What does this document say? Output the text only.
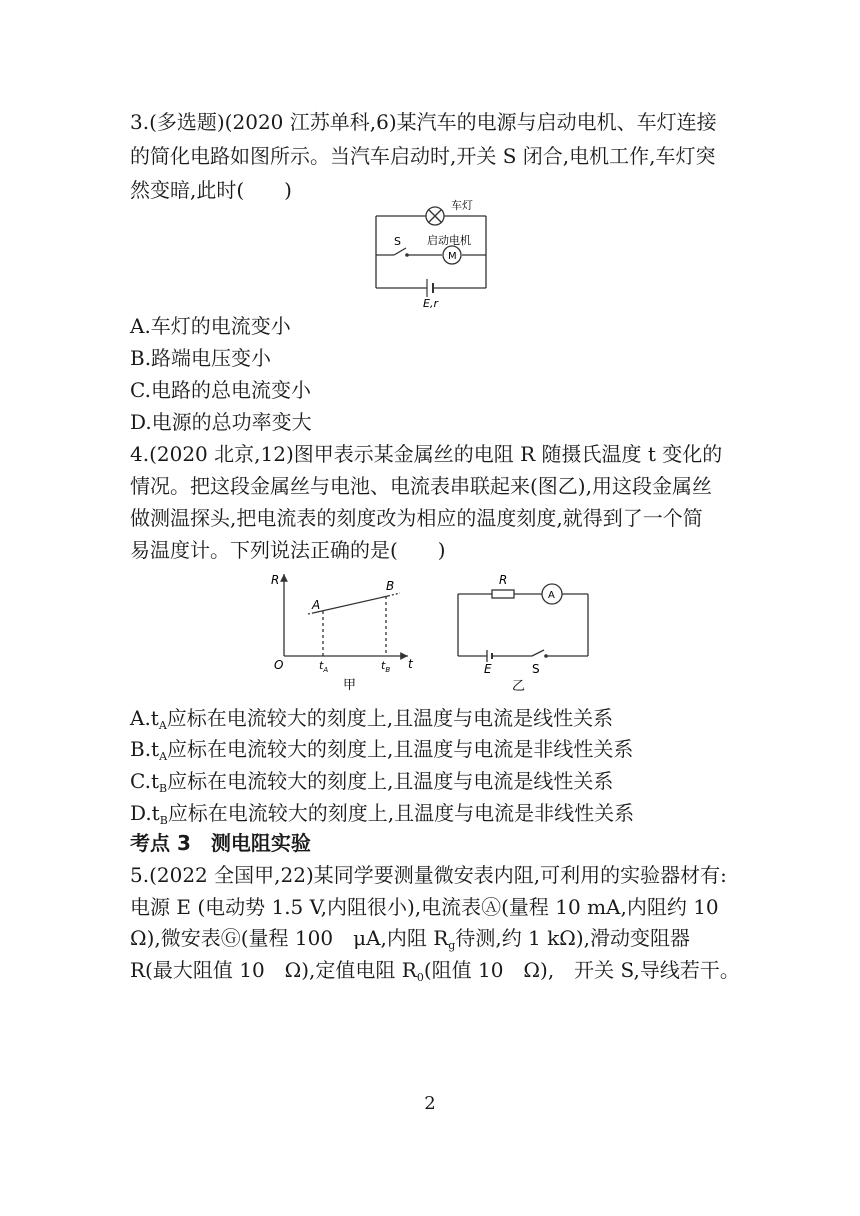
3.(多选题)(2020 江苏单科,6)某汽车的电源与启动电机、车灯连接
的简化电路如图所示。当汽车启动时,开关 S 闭合,电机工作,车灯突
然变暗,此时(　　)
车灯
S 启动电机
M
E,r
A.车灯的电流变小
B.路端电压变小
C.电路的总电流变小
D.电源的总功率变大
4.(2020 北京,12)图甲表示某金属丝的电阻 R 随摄氏温度 t 变化的
情况。把这段金属丝与电池、电流表串联起来(图乙),用这段金属丝
做测温探头,把电流表的刻度改为相应的温度刻度,就得到了一个简
易温度计。下列说法正确的是(　　)
R
t
O
A
B
$t_A$	$t_B$
甲
R
A
E	S
乙
$A.t_A$应标在电流较大的刻度上,且温度与电流是线性关系
$B.t_A$应标在电流较大的刻度上,且温度与电流是非线性关系
$C.t_B$应标在电流较大的刻度上,且温度与电流是线性关系
$D.t_B$应标在电流较大的刻度上,且温度与电流是非线性关系
考点 3　测电阻实验
5.(2022 全国甲,22)某同学要测量微安表内阻,可利用的实验器材有:
电源 E (电动势 1.5 V,内阻很小),电流表Ⓐ(量程 10 mA,内阻约 10
Ω),微安表Ⓖ(量程 100　μA,内阻 $R_g$待测,约 1 kΩ),滑动变阻器
R(最大阻值 10　Ω),定值电阻 $R_0$(阻值 10　Ω),　开关 S,导线若干。
2
